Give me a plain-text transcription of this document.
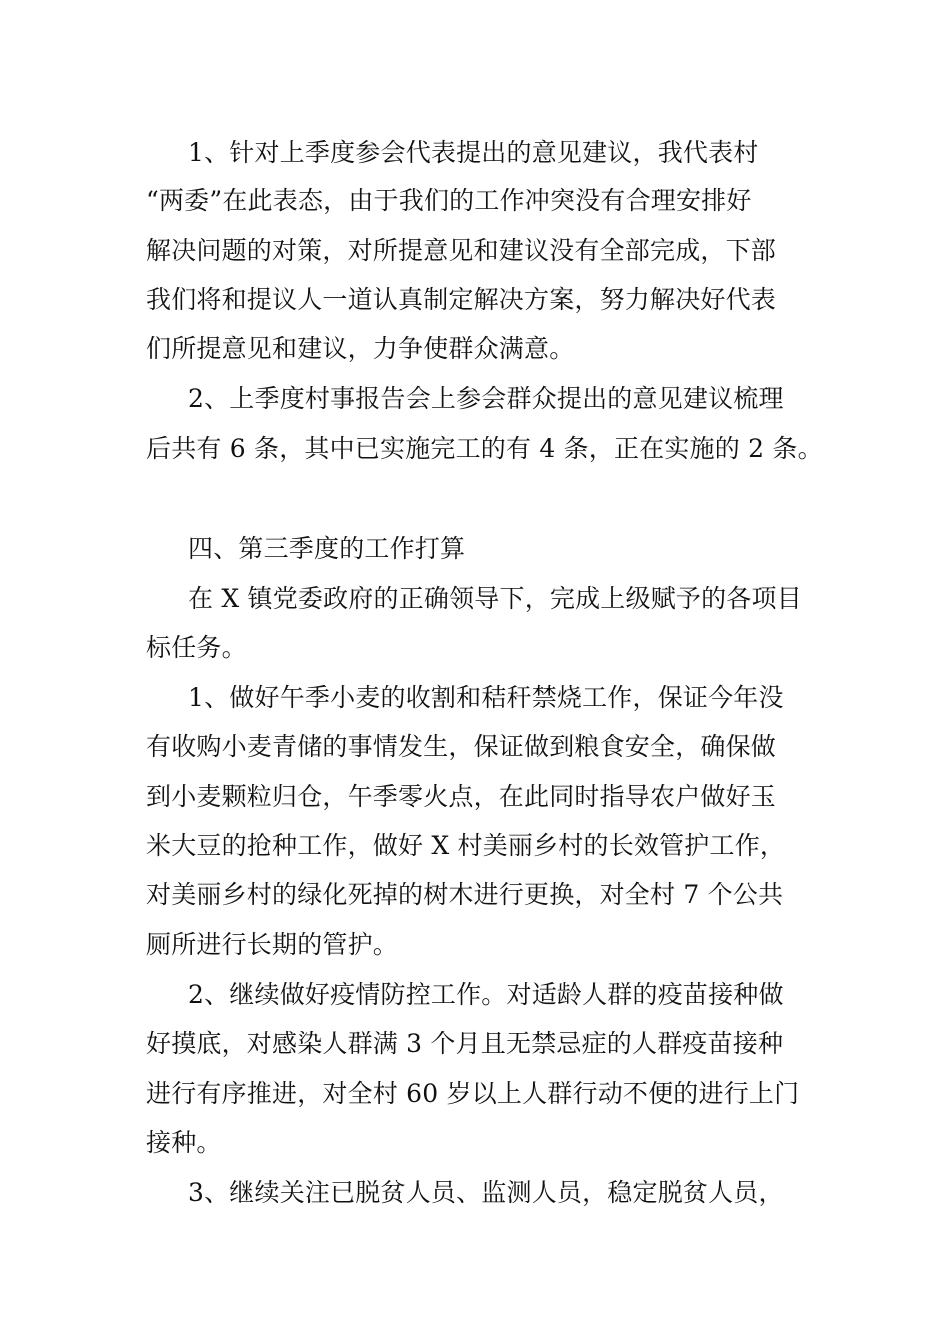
1、针对上季度参会代表提出的意见建议，我代表村
“两委”在此表态，由于我们的工作冲突没有合理安排好
解决问题的对策，对所提意见和建议没有全部完成，下部
我们将和提议人一道认真制定解决方案，努力解决好代表
们所提意见和建议，力争使群众满意。
2、上季度村事报告会上参会群众提出的意见建议梳理
后共有 6 条，其中已实施完工的有 4 条，正在实施的 2 条。
四、第三季度的工作打算
在 X 镇党委政府的正确领导下，完成上级赋予的各项目
标任务。
1、做好午季小麦的收割和秸秆禁烧工作，保证今年没
有收购小麦青储的事情发生，保证做到粮食安全，确保做
到小麦颗粒归仓，午季零火点，在此同时指导农户做好玉
米大豆的抢种工作，做好 X 村美丽乡村的长效管护工作，
对美丽乡村的绿化死掉的树木进行更换，对全村 7 个公共
厕所进行长期的管护。
2、继续做好疫情防控工作。对适龄人群的疫苗接种做
好摸底，对感染人群满 3 个月且无禁忌症的人群疫苗接种
进行有序推进，对全村 60 岁以上人群行动不便的进行上门
接种。
3、继续关注已脱贫人员、监测人员，稳定脱贫人员，
